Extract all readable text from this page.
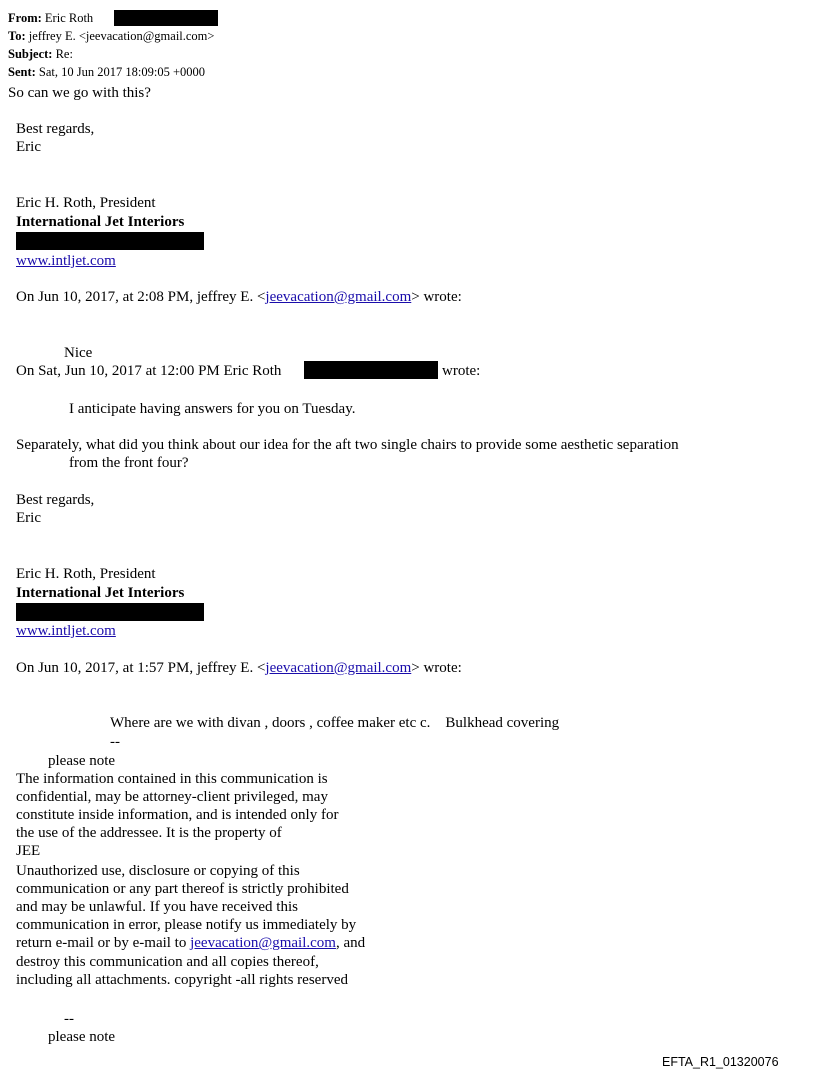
From: Eric Roth
To: jeffrey E. <jeevacation@gmail.com>
Subject: Re:
Sent: Sat, 10 Jun 2017 18:09:05 +0000
So can we go with this?
Best regards,
Eric
Eric H. Roth, President
International Jet Interiors
www.intljet.com
On Jun 10, 2017, at 2:08 PM, jeffrey E. <jeevacation@gmail.com> wrote:
Nice
On Sat, Jun 10, 2017 at 12:00 PM Eric Roth	wrote:
I anticipate having answers for you on Tuesday.
Separately, what did you think about our idea for the aft two single chairs to provide some aesthetic separation
from the front four?
Best regards,
Eric
Eric H. Roth, President
International Jet Interiors
www.intljet.com
On Jun 10, 2017, at 1:57 PM, jeffrey E. <jeevacation@gmail.com> wrote:
Where are we with divan , doors , coffee maker etc c.    Bulkhead covering
--
please note
The information contained in this communication is
confidential, may be attorney-client privileged, may
constitute inside information, and is intended only for
the use of the addressee. It is the property of
JEE
Unauthorized use, disclosure or copying of this
communication or any part thereof is strictly prohibited
and may be unlawful. If you have received this
communication in error, please notify us immediately by
return e-mail or by e-mail to jeevacation@gmail.com, and
destroy this communication and all copies thereof,
including all attachments. copyright -all rights reserved
--
please note
EFTA_R1_01320076
